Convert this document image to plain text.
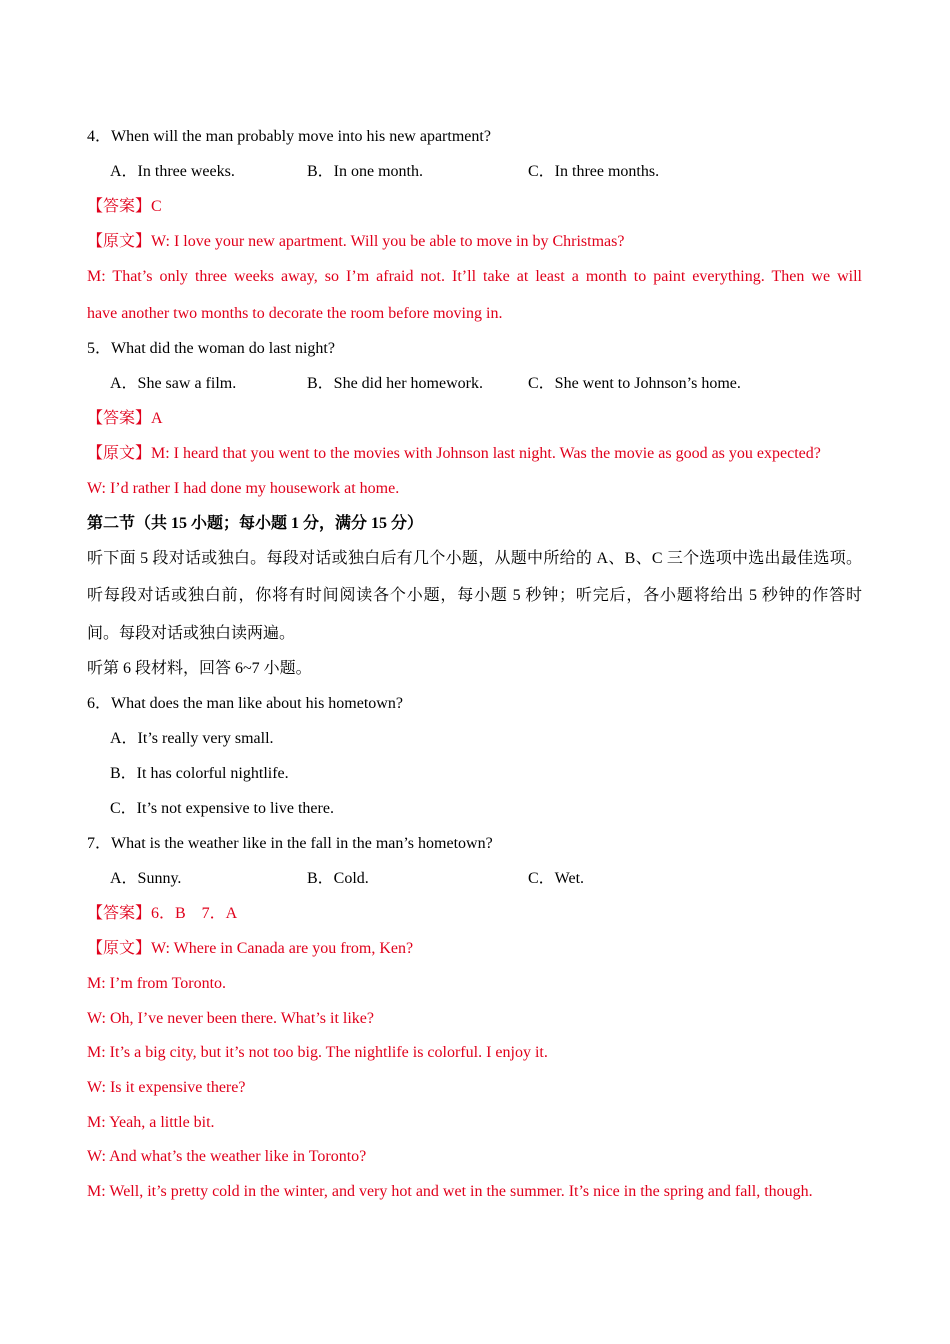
4．When will the man probably move into his new apartment?
A．In three weeks.	B．In one month.	C．In three months.
【答案】C
【原文】W: I love your new apartment. Will you be able to move in by Christmas?
M: That’s only three weeks away, so I’m afraid not. It’ll take at least a month to paint everything. Then we will
have another two months to decorate the room before moving in.
5．What did the woman do last night?
A．She saw a film.	B．She did her homework.	C．She went to Johnson’s home.
【答案】A
【原文】M: I heard that you went to the movies with Johnson last night. Was the movie as good as you expected?
W: I’d rather I had done my housework at home.
第二节（共 15 小题；每小题 1 分，满分 15 分）
听下面 5 段对话或独白。每段对话或独白后有几个小题，从题中所给的 A、B、C 三个选项中选出最佳选项。
听每段对话或独白前，你将有时间阅读各个小题，每小题 5 秒钟；听完后，各小题将给出 5 秒钟的作答时
间。每段对话或独白读两遍。
听第 6 段材料，回答 6~7 小题。
6．What does the man like about his hometown?
A．It’s really very small.
B．It has colorful nightlife.
C．It’s not expensive to live there.
7．What is the weather like in the fall in the man’s hometown?
A．Sunny.	B．Cold.	C．Wet.
【答案】6．B　7．A
【原文】W: Where in Canada are you from, Ken?
M: I’m from Toronto.
W: Oh, I’ve never been there. What’s it like?
M: It’s a big city, but it’s not too big. The nightlife is colorful. I enjoy it.
W: Is it expensive there?
M: Yeah, a little bit.
W: And what’s the weather like in Toronto?
M: Well, it’s pretty cold in the winter, and very hot and wet in the summer. It’s nice in the spring and fall, though.
